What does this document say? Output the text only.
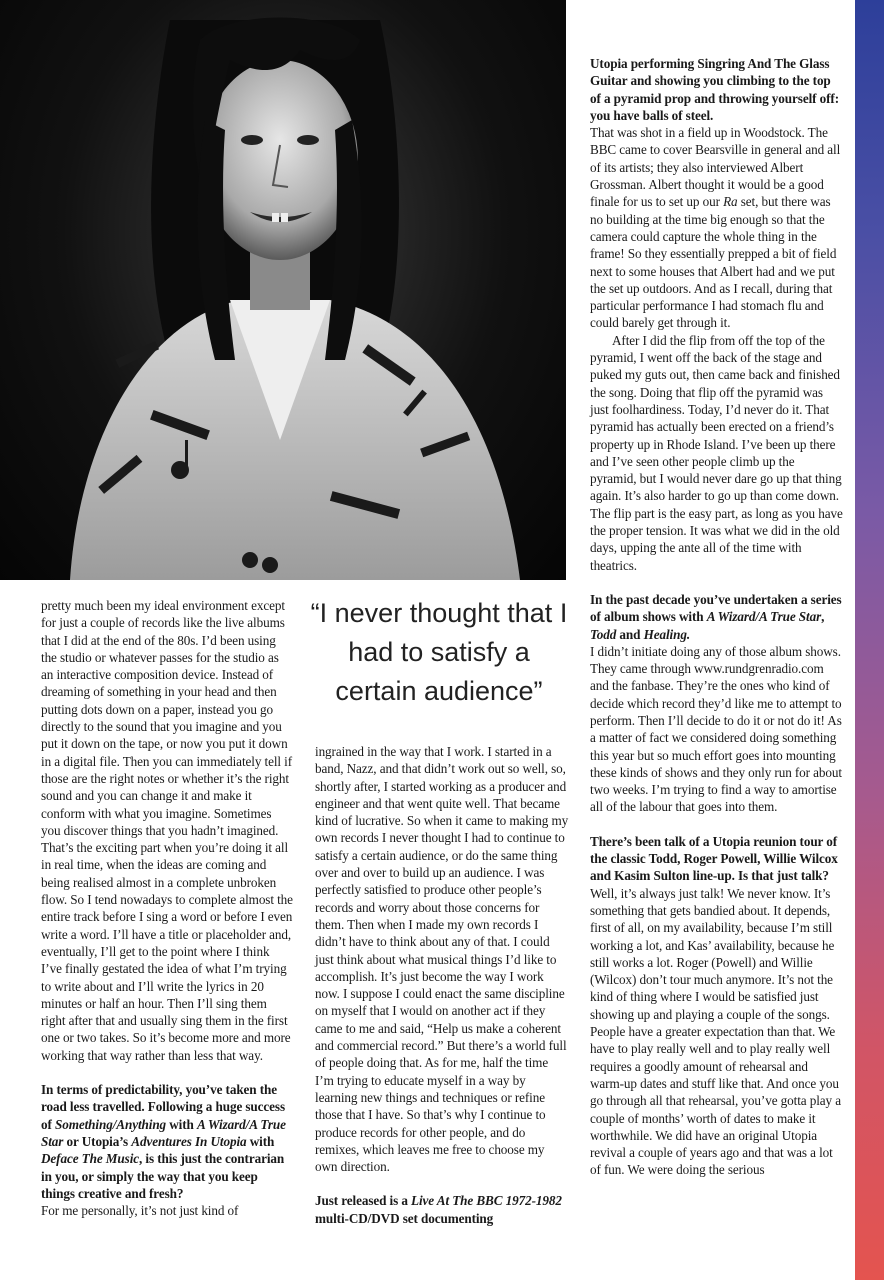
“I never thought that I had to satisfy a certain audience”

pretty much been my ideal environment except for just a couple of records like the live albums that I did at the end of the 80s. I’d been using the studio or whatever passes for the studio as an interactive composition device. Instead of dreaming of something in your head and then putting dots down on a paper, instead you go directly to the sound that you imagine and you put it down on the tape, or now you put it down in a digital file. Then you can immediately tell if those are the right notes or whether it’s the right sound and you can change it and make it conform with what you imagine. Sometimes you discover things that you hadn’t imagined. That’s the exciting part when you’re doing it all in real time, when the ideas are coming and being realised almost in a complete unbroken flow. So I tend nowadays to complete almost the entire track before I sing a word or before I even write a word. I’ll have a title or placeholder and, eventually, I’ll get to the point where I think I’ve finally gestated the idea of what I’m trying to write about and I’ll write the lyrics in 20 minutes or half an hour. Then I’ll sing them right after that and usually sing them in the first one or two takes. So it’s become more and more working that way rather than less that way.

In terms of predictability, you’ve taken the road less travelled. Following a huge success of Something/Anything with A Wizard/A True Star or Utopia’s Adventures In Utopia with Deface The Music, is this just the contrarian in you, or simply the way that you keep things creative and fresh?

For me personally, it’s not just kind of

ingrained in the way that I work. I started in a band, Nazz, and that didn’t work out so well, so, shortly after, I started working as a producer and engineer and that went quite well. That became kind of lucrative. So when it came to making my own records I never thought I had to continue to satisfy a certain audience, or do the same thing over and over to build up an audience. I was perfectly satisfied to produce other people’s records and worry about those concerns for them. Then when I made my own records I didn’t have to think about any of that. I could just think about what musical things I’d like to accomplish. It’s just become the way I work now. I suppose I could enact the same discipline on myself that I would on another act if they came to me and said, “Help us make a coherent and commercial record.” But there’s a world full of people doing that. As for me, half the time I’m trying to educate myself in a way by learning new things and techniques or refine those that I have. So that’s why I continue to produce records for other people, and do remixes, which leaves me free to choose my own direction.

Just released is a Live At The BBC 1972-1982 multi-CD/DVD set documenting

Utopia performing Singring And The Glass Guitar and showing you climbing to the top of a pyramid prop and throwing yourself off: you have balls of steel.

That was shot in a field up in Woodstock. The BBC came to cover Bearsville in general and all of its artists; they also interviewed Albert Grossman. Albert thought it would be a good finale for us to set up our Ra set, but there was no building at the time big enough so that the camera could capture the whole thing in the frame! So they essentially prepped a bit of field next to some houses that Albert had and we put the set up outdoors. And as I recall, during that particular performance I had stomach flu and could barely get through it.

After I did the flip from off the top of the pyramid, I went off the back of the stage and puked my guts out, then came back and finished the song. Doing that flip off the pyramid was just foolhardiness. Today, I’d never do it. That pyramid has actually been erected on a friend’s property up in Rhode Island. I’ve been up there and I’ve seen other people climb up the pyramid, but I would never dare go up that thing again. It’s also harder to go up than come down. The flip part is the easy part, as long as you have the proper tension. It was what we did in the old days, upping the ante all of the time with theatrics.

In the past decade you’ve undertaken a series of album shows with A Wizard/A True Star, Todd and Healing.

I didn’t initiate doing any of those album shows. They came through www.rundgrenradio.com and the fanbase. They’re the ones who kind of decide which record they’d like me to attempt to perform. Then I’ll decide to do it or not do it! As a matter of fact we considered doing something this year but so much effort goes into mounting these kinds of shows and they only run for about two weeks. I’m trying to find a way to amortise all of the labour that goes into them.

There’s been talk of a Utopia reunion tour of the classic Todd, Roger Powell, Willie Wilcox and Kasim Sulton line-up. Is that just talk?

Well, it’s always just talk! We never know. It’s something that gets bandied about. It depends, first of all, on my availability, because I’m still working a lot, and Kas’ availability, because he still works a lot. Roger (Powell) and Willie (Wilcox) don’t tour much anymore. It’s not the kind of thing where I would be satisfied just showing up and playing a couple of the songs. People have a greater expectation than that. We have to play really well and to play really well requires a goodly amount of rehearsal and warm-up dates and stuff like that. And once you go through all that rehearsal, you’ve gotta play a couple of months’ worth of dates to make it worthwhile. We did have an original Utopia revival a couple of years ago and that was a lot of fun. We were doing the serious
